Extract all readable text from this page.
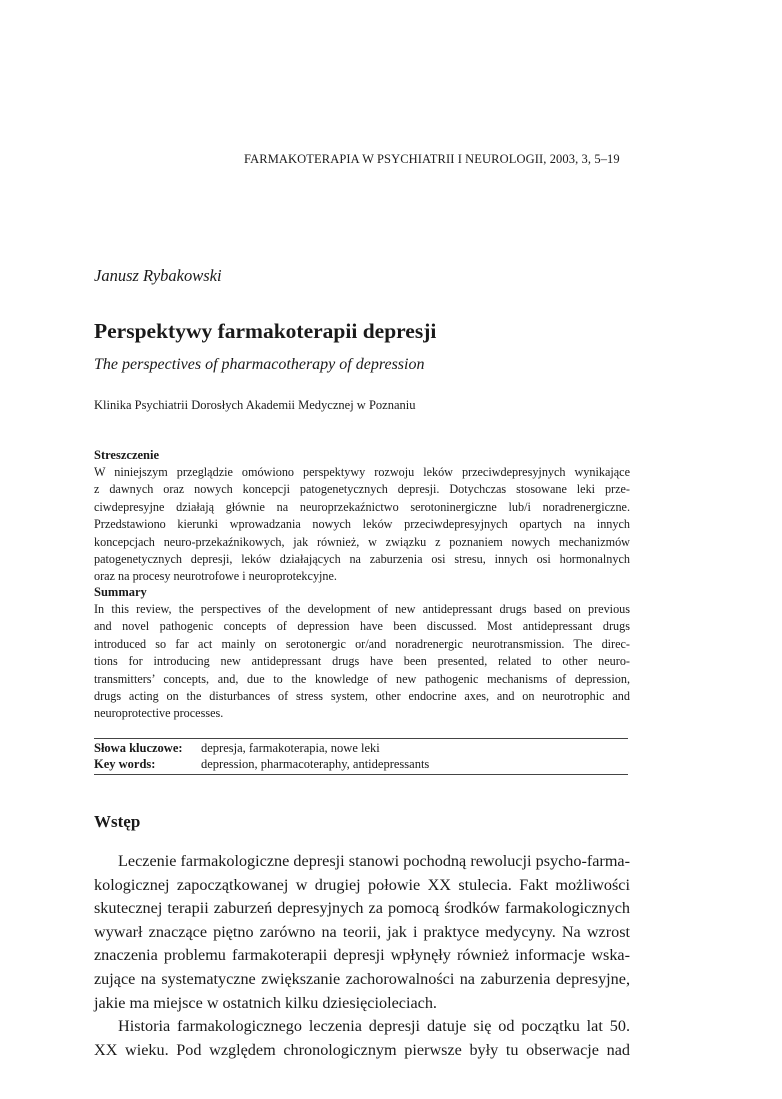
FARMAKOTERAPIA W PSYCHIATRII I NEUROLOGII, 2003, 3, 5–19
Janusz Rybakowski
Perspektywy farmakoterapii depresji
The perspectives of pharmacotherapy of depression
Klinika Psychiatrii Dorosłych Akademii Medycznej w Poznaniu
Streszczenie
W niniejszym przeglądzie omówiono perspektywy rozwoju leków przeciwdepresyjnych wynikające
z dawnych oraz nowych koncepcji patogenetycznych depresji. Dotychczas stosowane leki prze-
ciwdepresyjne działają głównie na neuroprzekaźnictwo serotoninergiczne lub/i noradrenergiczne.
Przedstawiono kierunki wprowadzania nowych leków przeciwdepresyjnych opartych na innych
koncepcjach neuro-przekaźnikowych, jak również, w związku z poznaniem nowych mechanizmów
patogenetycznych depresji, leków działających na zaburzenia osi stresu, innych osi hormonalnych
oraz na procesy neurotrofowe i neuroprotekcyjne.
Summary
In this review, the perspectives of the development of new antidepressant drugs based on previous
and novel pathogenic concepts of depression have been discussed. Most antidepressant drugs
introduced so far act mainly on serotonergic or/and noradrenergic neurotransmission. The direc-
tions for introducing new antidepressant drugs have been presented, related to other neuro-
transmitters’ concepts, and, due to the knowledge of new pathogenic mechanisms of depression,
drugs acting on the disturbances of stress system, other endocrine axes, and on neurotrophic and
neuroprotective processes.
Słowa kluczowe: depresja, farmakoterapia, nowe leki
Key words:	depression, pharmacoteraphy, antidepressants
Wstęp
Leczenie farmakologiczne depresji stanowi pochodną rewolucji psycho-farma-
kologicznej zapoczątkowanej w drugiej połowie XX stulecia. Fakt możliwości
skutecznej terapii zaburzeń depresyjnych za pomocą środków farmakologicznych
wywarł znaczące piętno zarówno na teorii, jak i praktyce medycyny. Na wzrost
znaczenia problemu farmakoterapii depresji wpłynęły również informacje wska-
zujące na systematyczne zwiększanie zachorowalności na zaburzenia depresyjne,
jakie ma miejsce w ostatnich kilku dziesięcioleciach.
Historia farmakologicznego leczenia depresji datuje się od początku lat 50.
XX wieku. Pod względem chronologicznym pierwsze były tu obserwacje nad
